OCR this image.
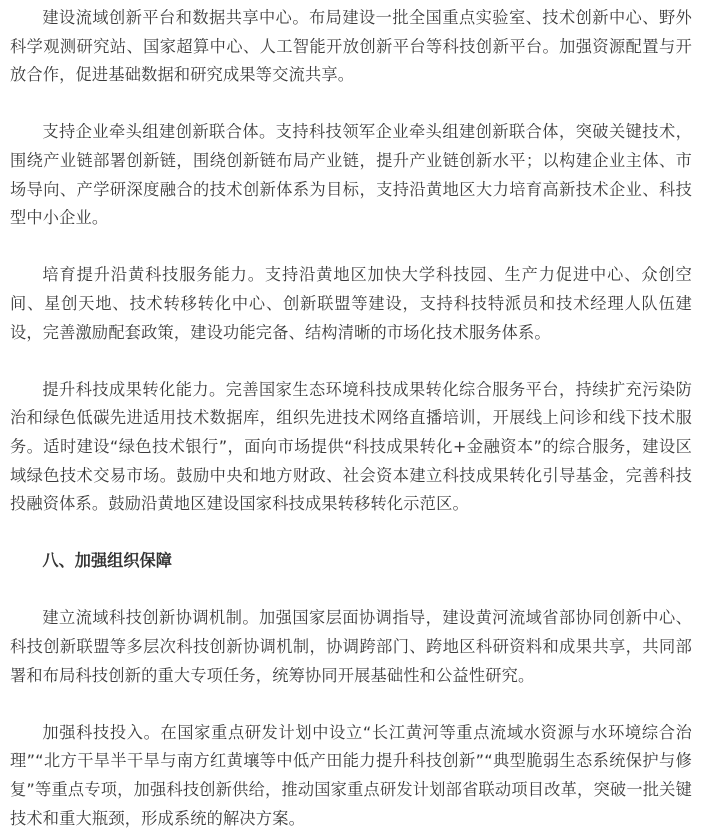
建设流域创新平台和数据共享中心。布局建设一批全国重点实验室、技术创新中心、野外科学观测研究站、国家超算中心、人工智能开放创新平台等科技创新平台。加强资源配置与开放合作，促进基础数据和研究成果等交流共享。

支持企业牵头组建创新联合体。支持科技领军企业牵头组建创新联合体，突破关键技术，围绕产业链部署创新链，围绕创新链布局产业链，提升产业链创新水平；以构建企业主体、市场导向、产学研深度融合的技术创新体系为目标，支持沿黄地区大力培育高新技术企业、科技型中小企业。

培育提升沿黄科技服务能力。支持沿黄地区加快大学科技园、生产力促进中心、众创空间、星创天地、技术转移转化中心、创新联盟等建设，支持科技特派员和技术经理人队伍建设，完善激励配套政策，建设功能完备、结构清晰的市场化技术服务体系。

提升科技成果转化能力。完善国家生态环境科技成果转化综合服务平台，持续扩充污染防治和绿色低碳先进适用技术数据库，组织先进技术网络直播培训，开展线上问诊和线下技术服务。适时建设“绿色技术银行”，面向市场提供“科技成果转化+金融资本”的综合服务，建设区域绿色技术交易市场。鼓励中央和地方财政、社会资本建立科技成果转化引导基金，完善科技投融资体系。鼓励沿黄地区建设国家科技成果转移转化示范区。

八、加强组织保障

建立流域科技创新协调机制。加强国家层面协调指导，建设黄河流域省部协同创新中心、科技创新联盟等多层次科技创新协调机制，协调跨部门、跨地区科研资料和成果共享，共同部署和布局科技创新的重大专项任务，统筹协同开展基础性和公益性研究。

加强科技投入。在国家重点研发计划中设立“长江黄河等重点流域水资源与水环境综合治理”“北方干旱半干旱与南方红黄壤等中低产田能力提升科技创新”“典型脆弱生态系统保护与修复”等重点专项，加强科技创新供给，推动国家重点研发计划部省联动项目改革，突破一批关键技术和重大瓶颈，形成系统的解决方案。
